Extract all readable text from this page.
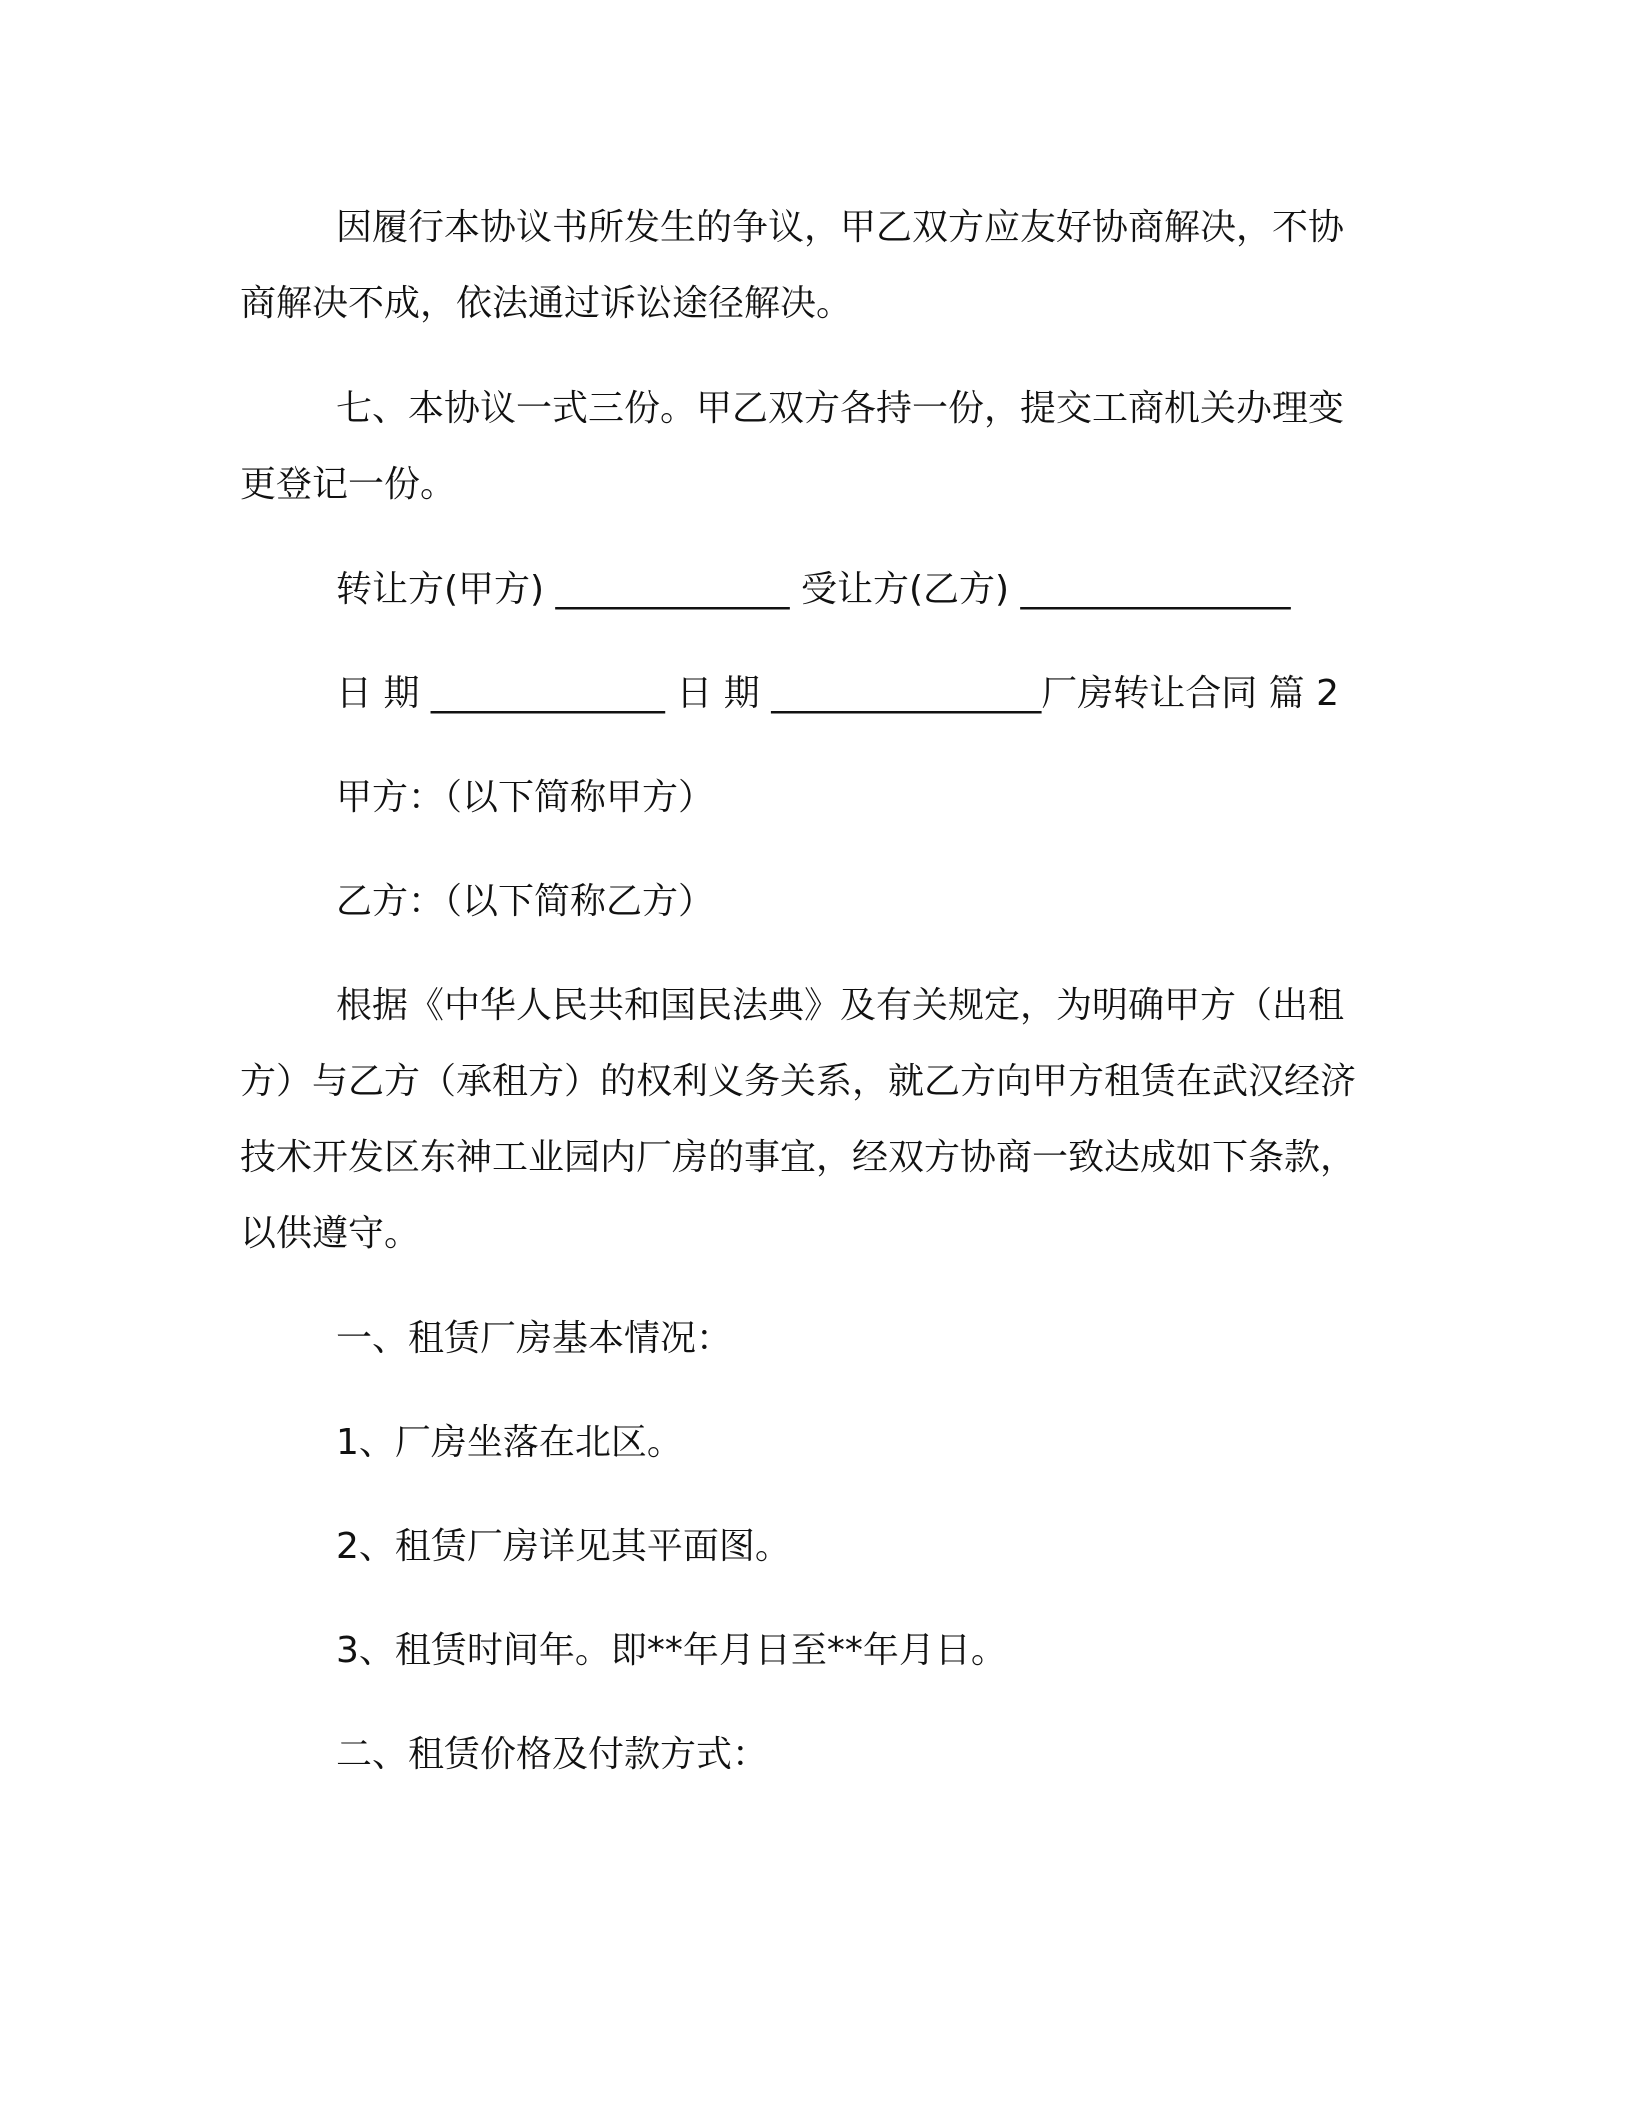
因履行本协议书所发生的争议，甲乙双方应友好协商解决，不协商解决不成，依法通过诉讼途径解决。

七、本协议一式三份。甲乙双方各持一份，提交工商机关办理变更登记一份。

转让方(甲方) _____________ 受让方(乙方) _______________

日 期 _____________ 日 期 _______________厂房转让合同 篇 2

甲方：（以下简称甲方）

乙方：（以下简称乙方）

根据《中华人民共和国民法典》及有关规定，为明确甲方（出租方）与乙方（承租方）的权利义务关系，就乙方向甲方租赁在武汉经济技术开发区东神工业园内厂房的事宜，经双方协商一致达成如下条款，以供遵守。

一、租赁厂房基本情况：

1、厂房坐落在北区。

2、租赁厂房详见其平面图。

3、租赁时间年。即**年月日至**年月日。

二、租赁价格及付款方式：
